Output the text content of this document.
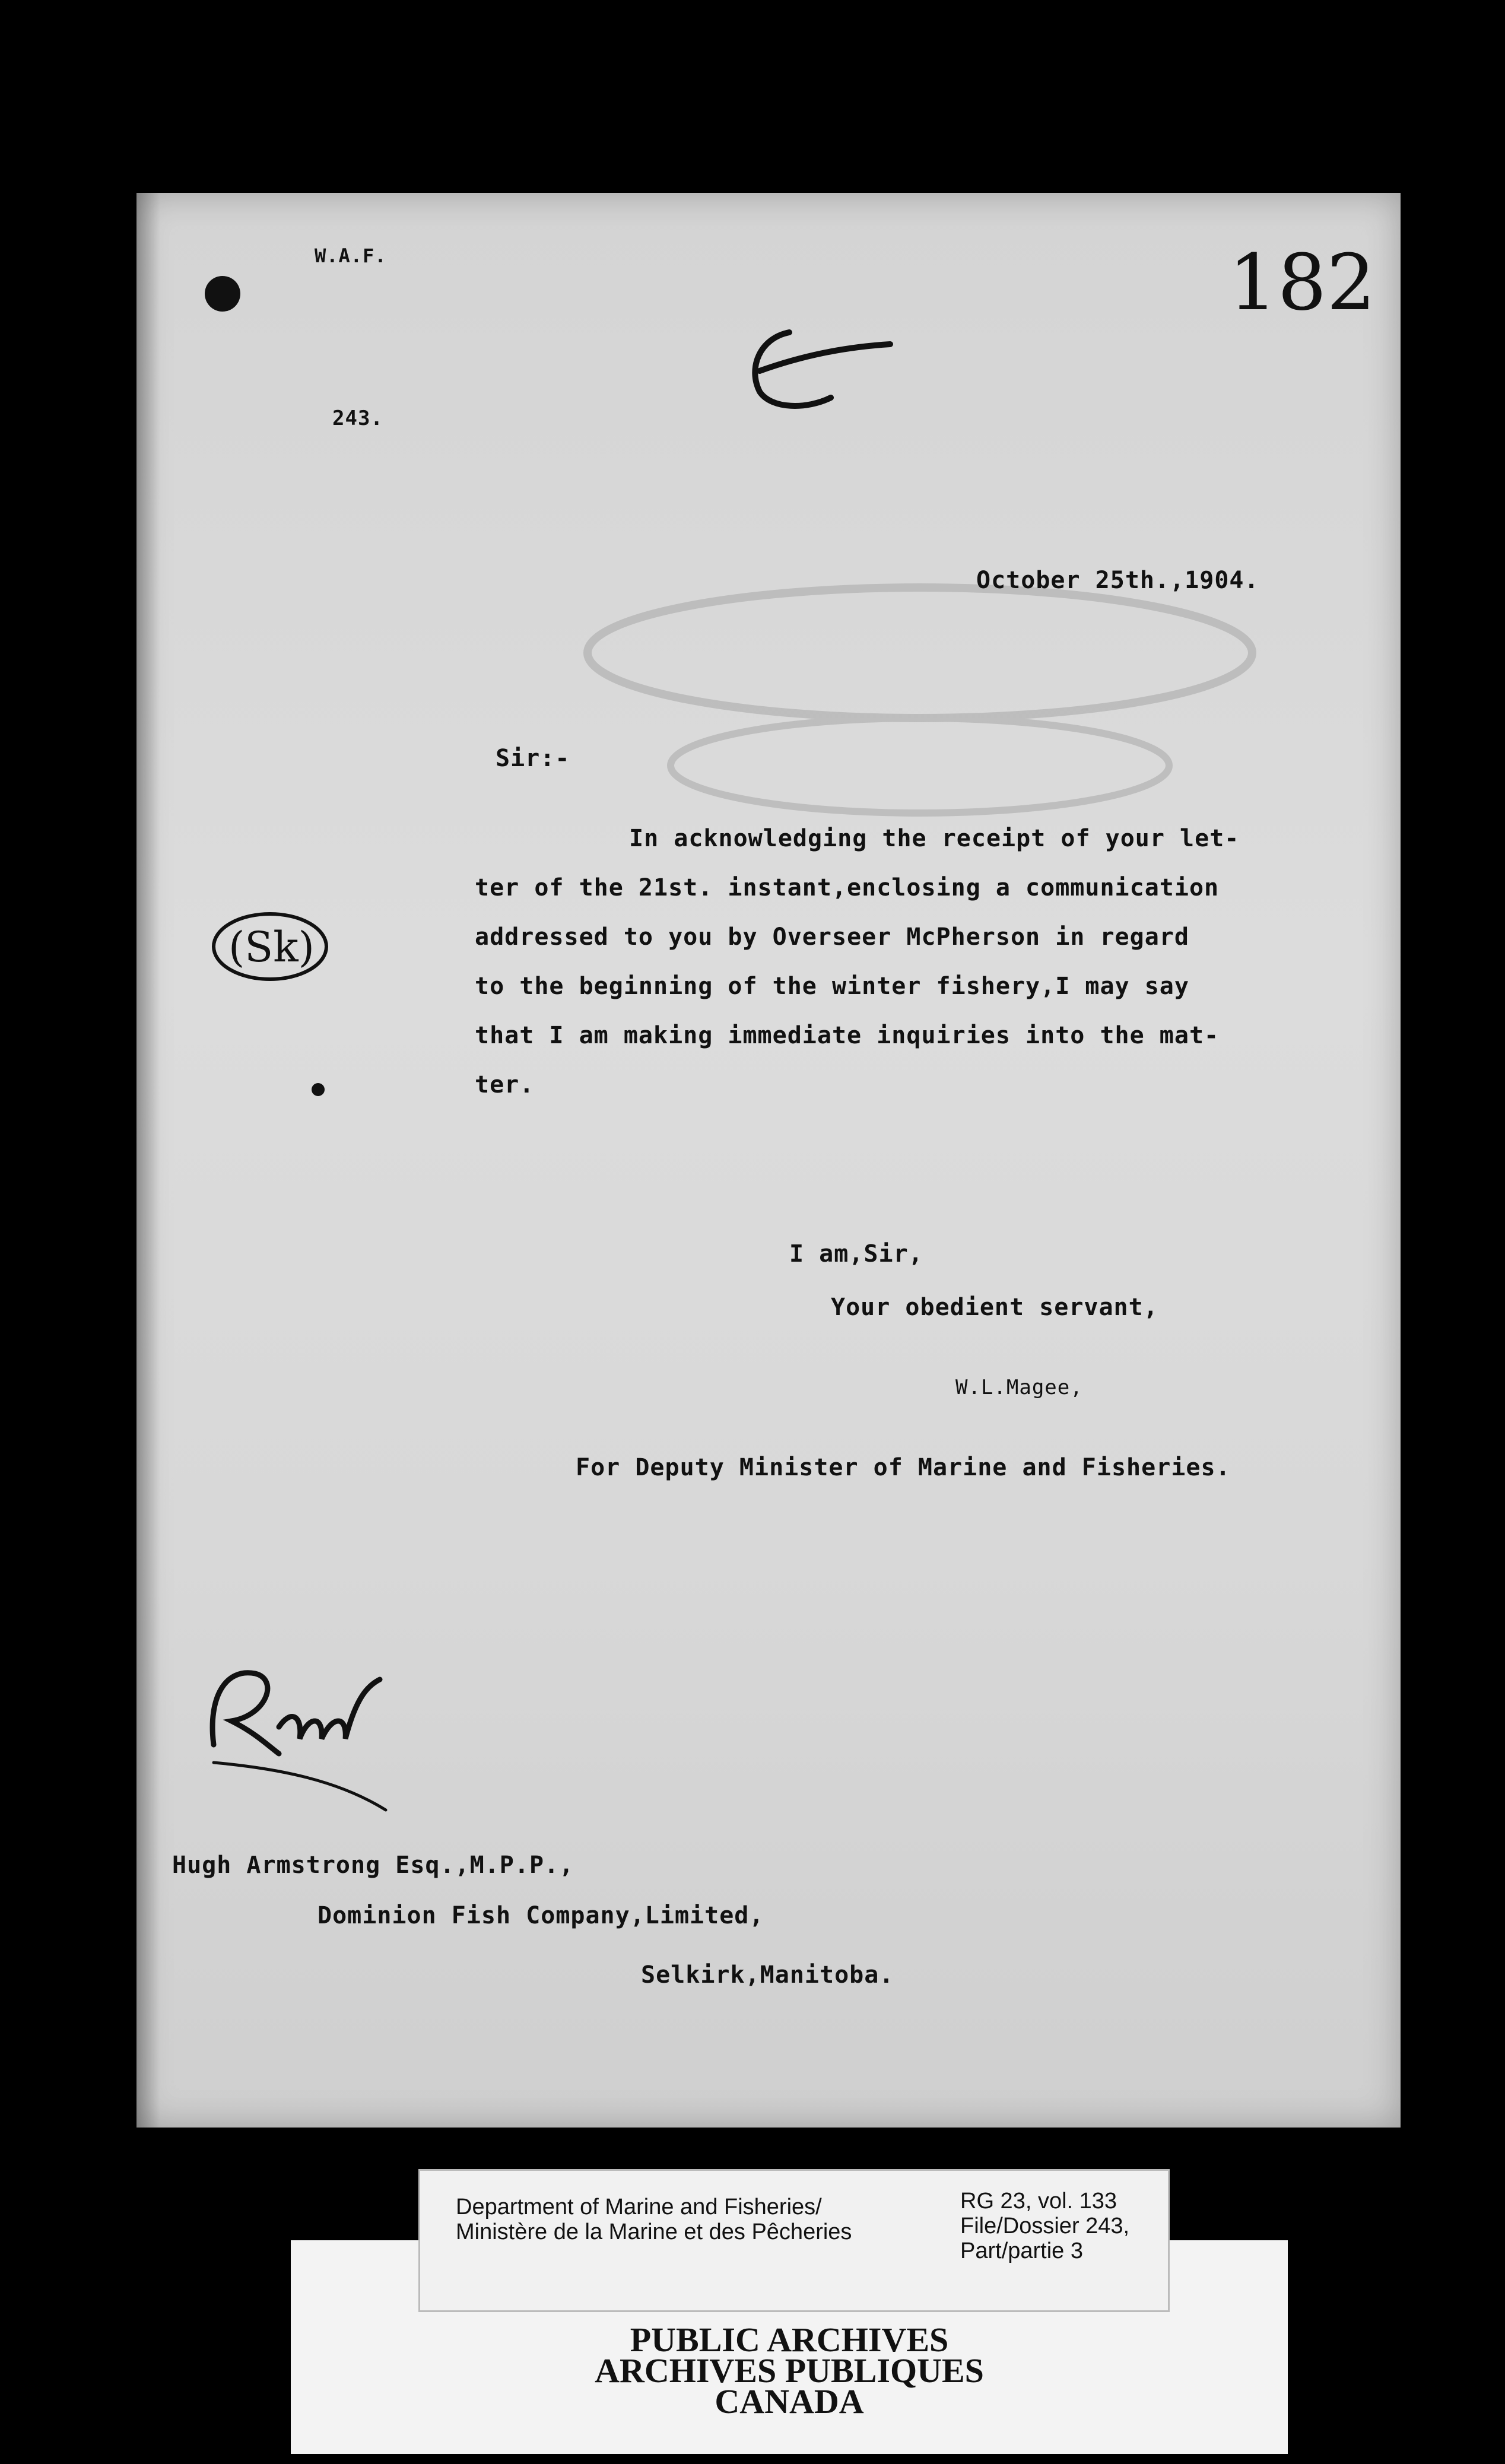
W.A.F.
243.
182
(Sk)
October 25th.,1904.
Sir:-
In acknowledging the receipt of your let-
ter of the 21st. instant,enclosing a communication
addressed to you by Overseer McPherson in regard
to the beginning of the winter fishery,I may say
that I am making immediate inquiries into the mat-
ter.
I am,Sir,
Your obedient servant,
W.L.Magee,
For Deputy Minister of Marine and Fisheries.
Hugh Armstrong Esq.,M.P.P.,
Dominion Fish Company,Limited,
Selkirk,Manitoba.
Department of Marine and Fisheries/
Ministère de la Marine et des Pêcheries
RG 23, vol. 133
File/Dossier 243,
Part/partie 3
PUBLIC ARCHIVES
ARCHIVES PUBLIQUES
CANADA
